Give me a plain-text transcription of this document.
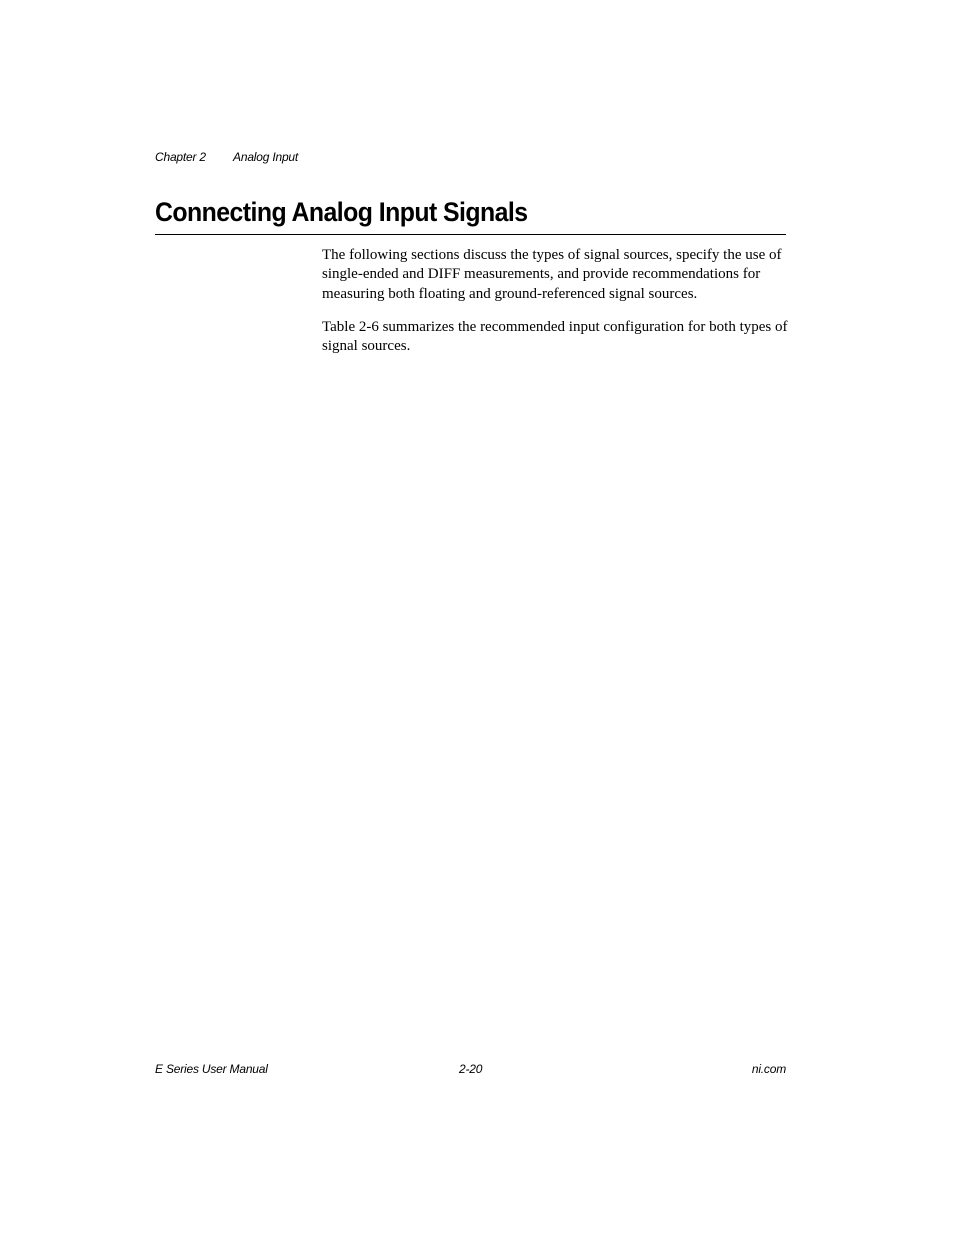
Chapter 2 Analog Input
Connecting Analog Input Signals

The following sections discuss the types of signal sources, specify the use of single-ended and DIFF measurements, and provide recommendations for measuring both floating and ground-referenced signal sources.

Table 2-6 summarizes the recommended input configuration for both types of signal sources.

E Series User Manual	2-20	ni.com
